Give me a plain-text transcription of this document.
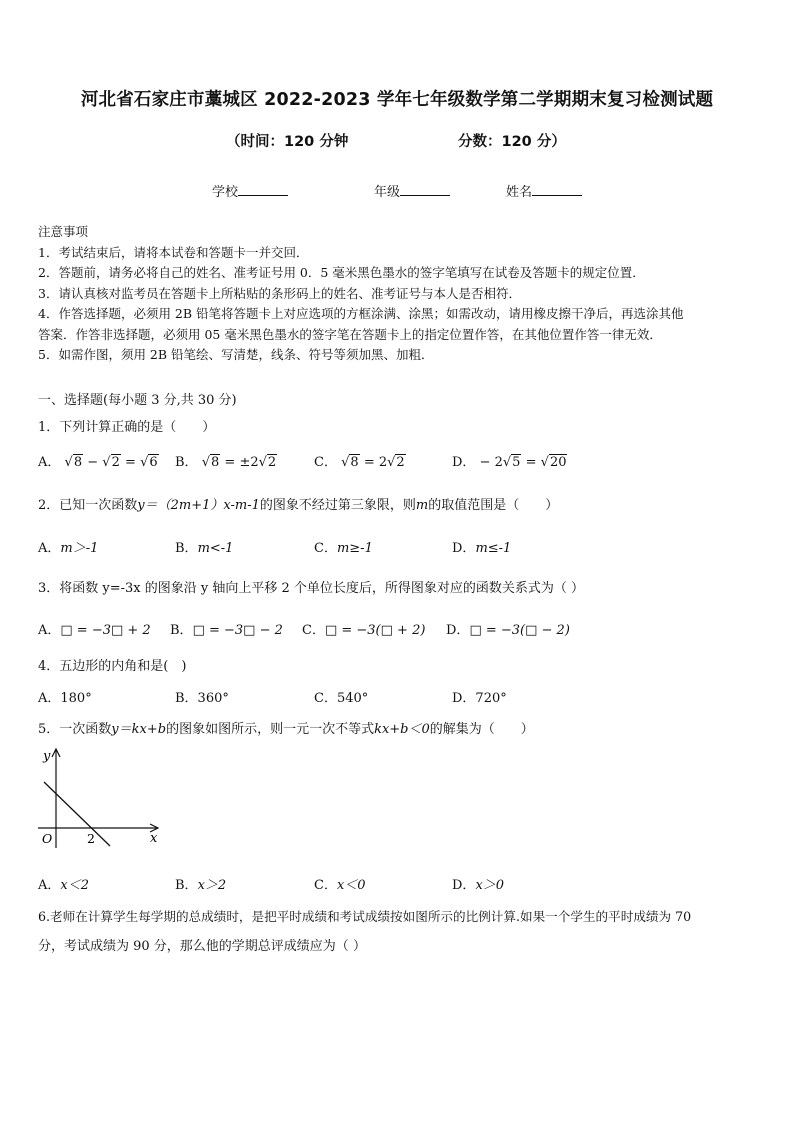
河北省石家庄市藁城区 2022-2023 学年七年级数学第二学期期末复习检测试题
（时间：120 分钟	分数：120 分）
学校	年级	姓名
注意事项
1．考试结束后，请将本试卷和答题卡一并交回．
2．答题前，请务必将自己的姓名、准考证号用 0．5 毫米黑色墨水的签字笔填写在试卷及答题卡的规定位置．
3．请认真核对监考员在答题卡上所粘贴的条形码上的姓名、准考证号与本人是否相符．
4．作答选择题，必须用 2B 铅笔将答题卡上对应选项的方框涂满、涂黑；如需改动，请用橡皮擦干净后，再选涂其他
答案．作答非选择题，必须用 05 毫米黑色墨水的签字笔在答题卡上的指定位置作答，在其他位置作答一律无效．
5．如需作图，须用 2B 铅笔绘、写清楚，线条、符号等须加黑、加粗．
一、选择题(每小题 3 分,共 30 分)
1．下列计算正确的是（　　）
A． √8 − √2 = √6 B． √8 = ±2√2	C． √8 = 2√2	D． − 2√5 = √20
2．已知一次函数y＝（2m+1）x-m-1的图象不经过第三象限，则m的取值范围是（　　）
A．m＞-1	B．m<-1	C．m≥-1	D．m≤-1
3．将函数 y=-3x 的图象沿 y 轴向上平移 2 个单位长度后，所得图象对应的函数关系式为（ ）
A．□ = −3□ + 2 B．□ = −3□ − 2 C．□ = −3(□ + 2) D．□ = −3(□ − 2)
4．五边形的内角和是(　)
A．180°	B．360°	C．540°	D．720°
5．一次函数y＝kx+b的图象如图所示，则一元一次不等式kx+b＜0的解集为（　　）
y
x
O	2
A．x＜2	B．x＞2	C．x＜0	D．x＞0
6.老师在计算学生每学期的总成绩时，是把平时成绩和考试成绩按如图所示的比例计算.如果一个学生的平时成绩为 70
分，考试成绩为 90 分，那么他的学期总评成绩应为（ ）
